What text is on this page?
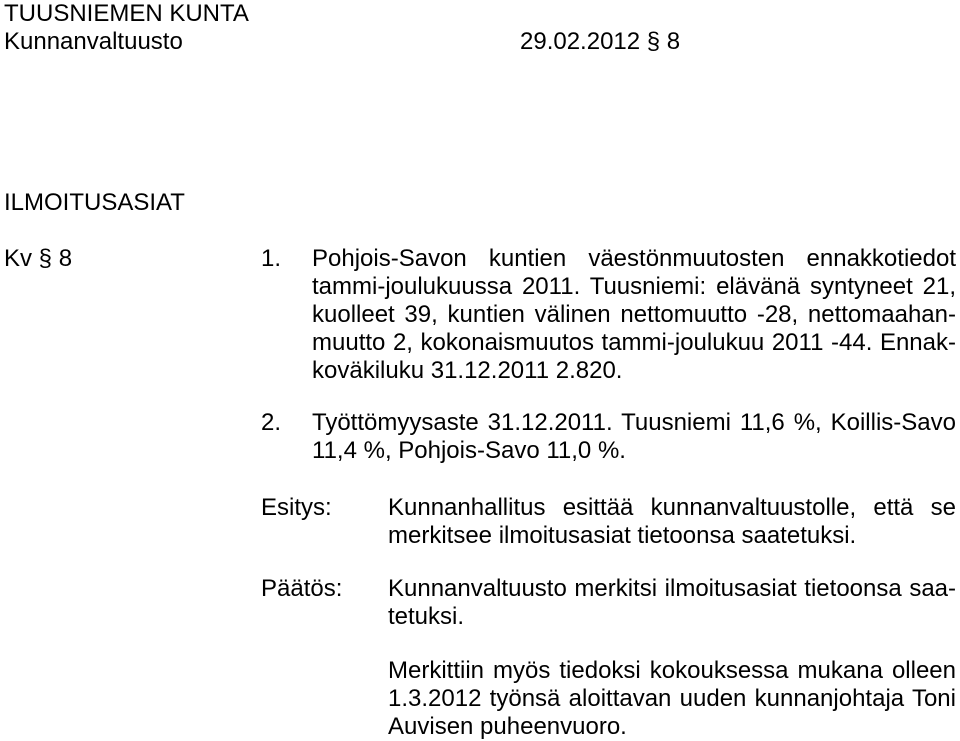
TUUSNIEMEN KUNTA
Kunnanvaltuusto	29.02.2012 § 8
ILMOITUSASIAT
Kv § 8	1. Pohjois-Savon kuntien väestönmuutosten ennakkotiedot
tammi-joulukuussa 2011. Tuusniemi: elävänä syntyneet 21,
kuolleet 39, kuntien välinen nettomuutto -28, nettomaahan-
muutto 2, kokonaismuutos tammi-joulukuu 2011 -44. Ennak-
koväkiluku 31.12.2011 2.820.
2. Työttömyysaste 31.12.2011. Tuusniemi 11,6 %, Koillis-Savo
11,4 %, Pohjois-Savo 11,0 %.
Esitys: Kunnanhallitus esittää kunnanvaltuustolle, että se
merkitsee ilmoitusasiat tietoonsa saatetuksi.
Päätös: Kunnanvaltuusto merkitsi ilmoitusasiat tietoonsa saa-
tetuksi.
Merkittiin myös tiedoksi kokouksessa mukana olleen
1.3.2012 työnsä aloittavan uuden kunnanjohtaja Toni
Auvisen puheenvuoro.
